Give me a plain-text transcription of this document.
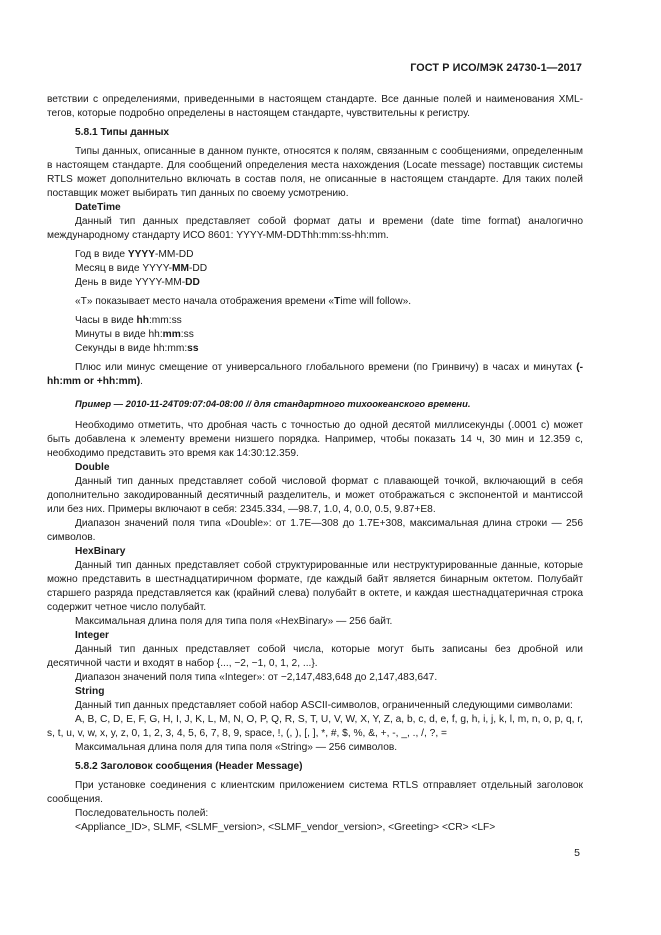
ГОСТ Р ИСО/МЭК 24730-1—2017

ветствии с определениями, приведенными в настоящем стандарте. Все данные полей и наименования XML-тегов, которые подробно определены в настоящем стандарте, чувствительны к регистру.

5.8.1 Типы данных

Типы данных, описанные в данном пункте, относятся к полям, связанным с сообщениями, определенным в настоящем стандарте. Для сообщений определения места нахождения (Locate message) поставщик системы RTLS может дополнительно включать в состав поля, не описанные в настоящем стандарте. Для таких полей поставщик может выбирать тип данных по своему усмотрению.

DateTime

Данный тип данных представляет собой формат даты и времени (date time format) аналогично международному стандарту ИСО 8601: YYYY-MM-DDThh:mm:ss-hh:mm.

Год в виде YYYY-MM-DD

Месяц в виде YYYY-MM-DD

День в виде YYYY-MM-DD

«T» показывает место начала отображения времени «Time will follow».

Часы в виде hh:mm:ss

Минуты в виде hh:mm:ss

Секунды в виде hh:mm:ss

Плюс или минус смещение от универсального глобального времени (по Гринвичу) в часах и минутах (-hh:mm or +hh:mm).

Пример — 2010-11-24T09:07:04-08:00 // для стандартного тихоокеанского времени.

Необходимо отметить, что дробная часть с точностью до одной десятой миллисекунды (.0001 с) может быть добавлена к элементу времени низшего порядка. Например, чтобы показать 14 ч, 30 мин и 12.359 с, необходимо представить это время как 14:30:12.359.

Double

Данный тип данных представляет собой числовой формат с плавающей точкой, включающий в себя дополнительно закодированный десятичный разделитель, и может отображаться с экспонентой и мантиссой или без них. Примеры включают в себя: 2345.334, —98.7, 1.0, 4, 0.0, 0.5, 9.87+E8.

Диапазон значений поля типа «Double»: от 1.7E—308 до 1.7E+308, максимальная длина строки — 256 символов.

HexBinary

Данный тип данных представляет собой структурированные или неструктурированные данные, которые можно представить в шестнадцатиричном формате, где каждый байт является бинарным октетом. Полубайт старшего разряда представляется как (крайний слева) полубайт в октете, и каждая шестнадцатеричная строка содержит четное число полубайт.

Максимальная длина поля для типа поля «HexBinary» — 256 байт.

Integer

Данный тип данных представляет собой числа, которые могут быть записаны без дробной или десятичной части и входят в набор {..., −2, −1, 0, 1, 2, ...}.

Диапазон значений поля типа «Integer»: от −2,147,483,648 до 2,147,483,647.

String

Данный тип данных представляет собой набор ASCII-символов, ограниченный следующими символами:

A, B, C, D, E, F, G, H, I, J, K, L, M, N, O, P, Q, R, S, T, U, V, W, X, Y, Z, a, b, c, d, e, f, g, h, i, j, k, l, m, n, o, p, q, r, s, t, u, v, w, x, y, z, 0, 1, 2, 3, 4, 5, 6, 7, 8, 9, space, !, (, ), [, ], *, #, $, %, &, +, -, _, ., /, ?, =

Максимальная длина поля для типа поля «String» — 256 символов.

5.8.2 Заголовок сообщения (Header Message)

При установке соединения с клиентским приложением система RTLS отправляет отдельный заголовок сообщения.

Последовательность полей:

<Appliance_ID>, SLMF, <SLMF_version>, <SLMF_vendor_version>, <Greeting> <CR> <LF>

5
